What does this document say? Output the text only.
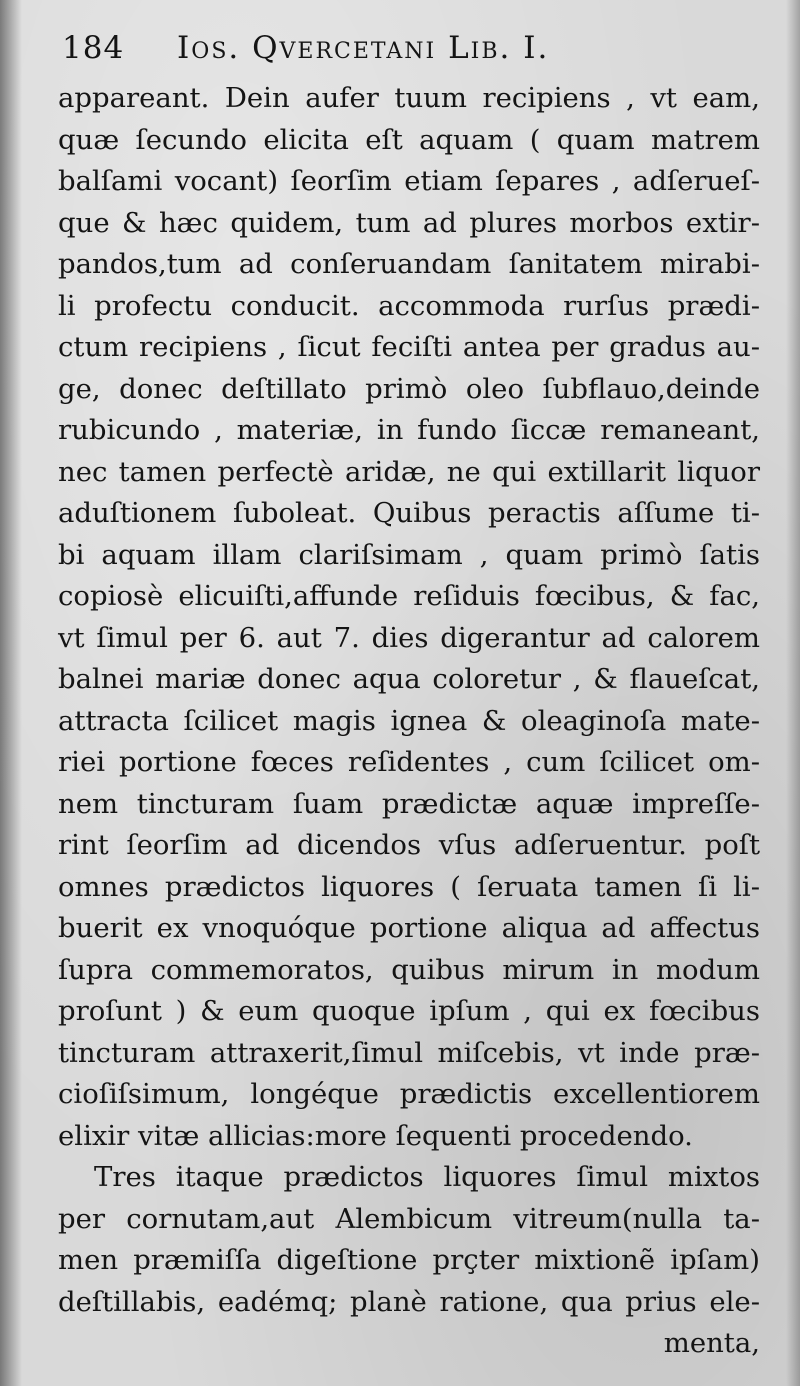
184 Ios. Qvercetani Lib. I.
appareant. Dein aufer tuum recipiens , vt eam,
quæ ſecundo elicita eſt aquam ( quam matrem
balſami vocant) ſeorſim etiam ſepares , adſerueſ-
que & hæc quidem, tum ad plures morbos extir-
pandos,tum ad conſeruandam ſanitatem mirabi-
li profectu conducit. accommoda rurſus prædi-
ctum recipiens , ſicut feciſti antea per gradus au-
ge, donec deſtillato primò oleo ſubflauo,deinde
rubicundo , materiæ, in fundo ſiccæ remaneant,
nec tamen perfectè aridæ, ne qui extillarit liquor
aduſtionem ſuboleat. Quibus peractis aſſume ti-
bi aquam illam clariſsimam , quam primò ſatis
copiosè elicuiſti,affunde reſiduis fœcibus, & fac,
vt ſimul per 6. aut 7. dies digerantur ad calorem
balnei mariæ donec aqua coloretur , & flaueſcat,
attracta ſcilicet magis ignea & oleaginoſa mate-
riei portione fœces reſidentes , cum ſcilicet om-
nem tincturam ſuam prædictæ aquæ impreſſe-
rint ſeorſim ad dicendos vſus adſeruentur. poſt
omnes prædictos liquores ( ſeruata tamen ſi li-
buerit ex vnoquóque portione aliqua ad affectus
ſupra commemoratos, quibus mirum in modum
proſunt ) & eum quoque ipſum , qui ex fœcibus
tincturam attraxerit,ſimul miſcebis, vt inde præ-
cioſiſsimum, longéque prædictis excellentiorem
elixir vitæ allicias:more ſequenti procedendo.
Tres itaque prædictos liquores ſimul mixtos
per cornutam,aut Alembicum vitreum(nulla ta-
men præmiſſa digeſtione prçter mixtionẽ ipſam)
deſtillabis, eadémq; planè ratione, qua prius ele-
menta,
